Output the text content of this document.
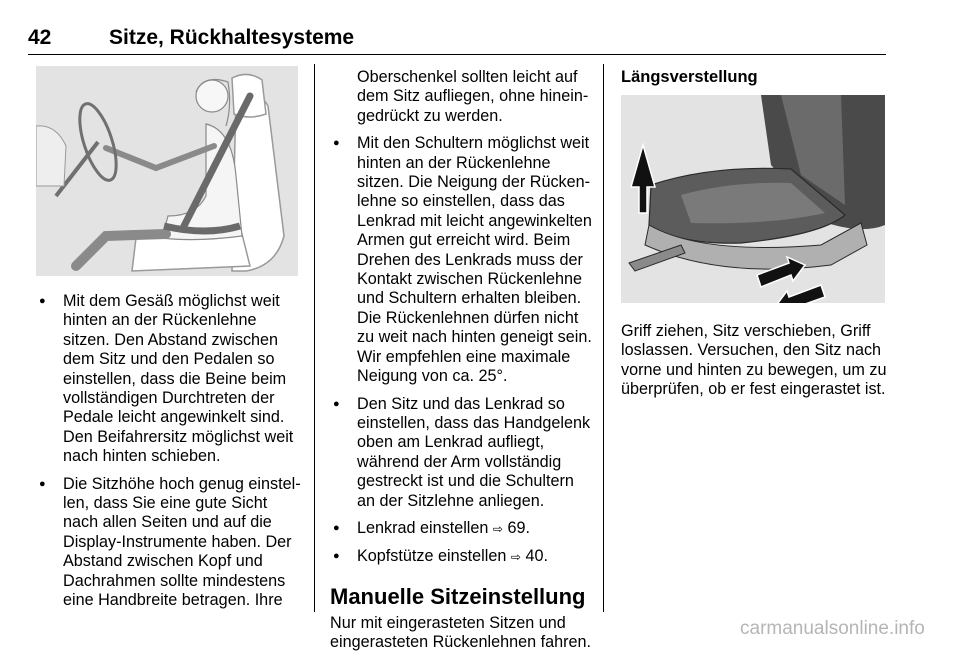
42	Sitze, Rückhaltesysteme
● Mit dem Gesäß möglichst weit hinten an der Rückenlehne sitzen. Den Abstand zwischen dem Sitz und den Pedalen so einstellen, dass die Beine beim vollständigen Durchtreten der Pedale leicht angewinkelt sind. Den Beifahrersitz möglichst weit nach hinten schieben.
● Die Sitzhöhe hoch genug einstellen, dass Sie eine gute Sicht nach allen Seiten und auf die Display-Instrumente haben. Der Abstand zwischen Kopf und Dachrahmen sollte mindestens eine Handbreite betragen. Ihre

Oberschenkel sollten leicht auf dem Sitz aufliegen, ohne hineingedrückt zu werden.

● Mit den Schultern möglichst weit hinten an der Rückenlehne sitzen. Die Neigung der Rückenlehne so einstellen, dass das Lenkrad mit leicht angewinkelten Armen gut erreicht wird. Beim Drehen des Lenkrads muss der Kontakt zwischen Rückenlehne und Schultern erhalten bleiben. Die Rückenlehnen dürfen nicht zu weit nach hinten geneigt sein. Wir empfehlen eine maximale Neigung von ca. 25°.
● Den Sitz und das Lenkrad so einstellen, dass das Handgelenk oben am Lenkrad aufliegt, während der Arm vollständig gestreckt ist und die Schultern an der Sitzlehne anliegen.
● Lenkrad einstellen ⇨ 69.
● Kopfstütze einstellen ⇨ 40.
Manuelle Sitzeinstellung

Nur mit eingerasteten Sitzen und eingerasteten Rückenlehnen fahren.

Längsverstellung

Griff ziehen, Sitz verschieben, Griff loslassen. Versuchen, den Sitz nach vorne und hinten zu bewegen, um zu überprüfen, ob er fest eingerastet ist.

carmanualsonline.info
